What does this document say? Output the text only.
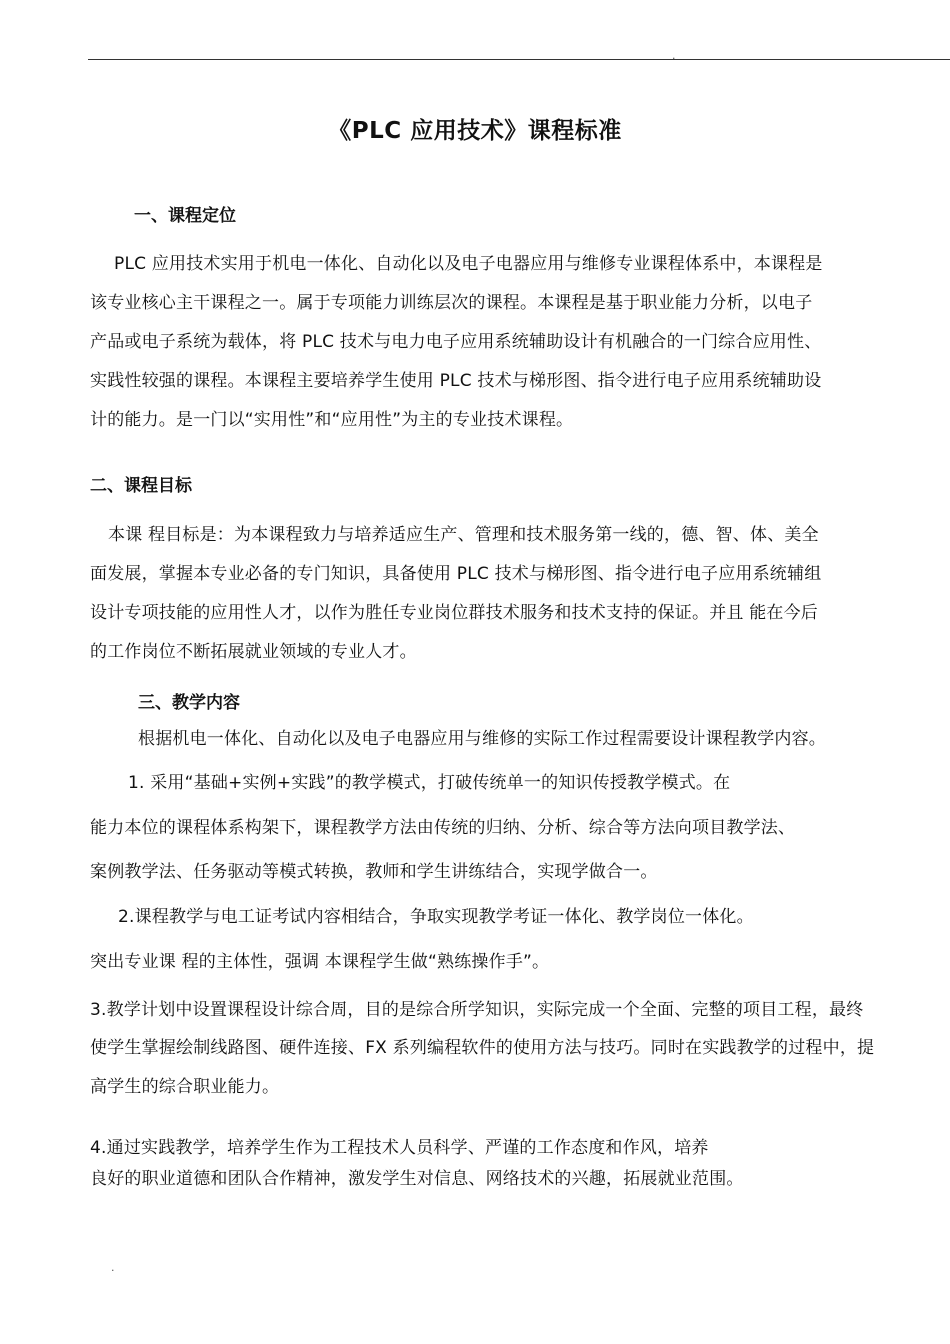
.
《PLC 应用技术》课程标准
一、课程定位
PLC 应用技术实用于机电一体化、自动化以及电子电器应用与维修专业课程体系中，本课程是
该专业核心主干课程之一。属于专项能力训练层次的课程。本课程是基于职业能力分析，以电子
产品或电子系统为载体，将 PLC 技术与电力电子应用系统辅助设计有机融合的一门综合应用性、
实践性较强的课程。本课程主要培养学生使用 PLC 技术与梯形图、指令进行电子应用系统辅助设
计的能力。是一门以“实用性”和“应用性”为主的专业技术课程。
二、课程目标
本课 程目标是：为本课程致力与培养适应生产、管理和技术服务第一线的，德、智、体、美全
面发展，掌握本专业必备的专门知识，具备使用 PLC 技术与梯形图、指令进行电子应用系统辅组
设计专项技能的应用性人才，以作为胜任专业岗位群技术服务和技术支持的保证。并且 能在今后
的工作岗位不断拓展就业领域的专业人才。
三、教学内容
根据机电一体化、自动化以及电子电器应用与维修的实际工作过程需要设计课程教学内容。
1. 采用“基础+实例+实践”的教学模式，打破传统单一的知识传授教学模式。在
能力本位的课程体系构架下，课程教学方法由传统的归纳、分析、综合等方法向项目教学法、
案例教学法、任务驱动等模式转换，教师和学生讲练结合，实现学做合一。
2.课程教学与电工证考试内容相结合，争取实现教学考证一体化、教学岗位一体化。
突出专业课 程的主体性，强调 本课程学生做“熟练操作手”。
3.教学计划中设置课程设计综合周，目的是综合所学知识，实际完成一个全面、完整的项目工程，最终
使学生掌握绘制线路图、硬件连接、FX 系列编程软件的使用方法与技巧。同时在实践教学的过程中，提
高学生的综合职业能力。
4.通过实践教学，培养学生作为工程技术人员科学、严谨的工作态度和作风，培养
良好的职业道德和团队合作精神，激发学生对信息、网络技术的兴趣，拓展就业范围。
.
